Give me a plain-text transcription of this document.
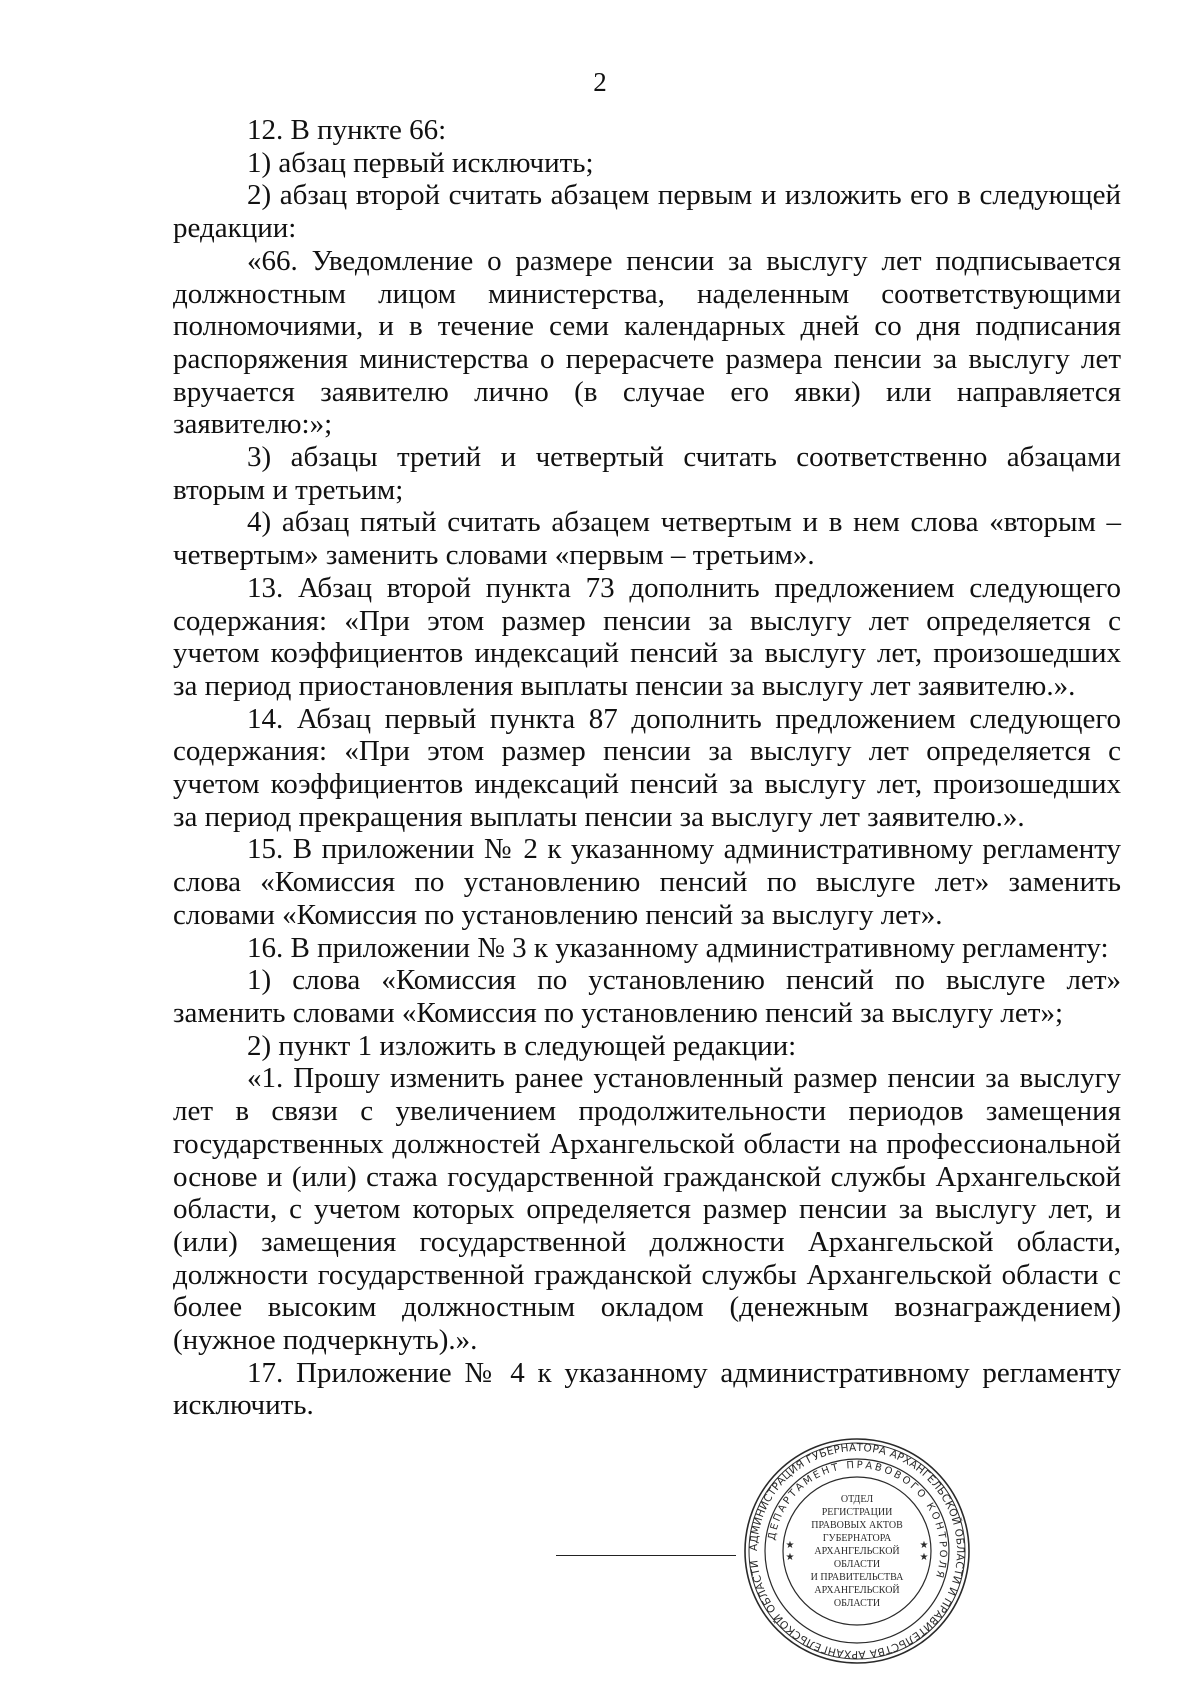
2

12. В пункте 66:

1) абзац первый исключить;

2) абзац второй считать абзацем первым и изложить его в следующей редакции:

«66. Уведомление о размере пенсии за выслугу лет подписывается должностным лицом министерства, наделенным соответствующими полномочиями, и в течение семи календарных дней со дня подписания распоряжения министерства о перерасчете размера пенсии за выслугу лет вручается заявителю лично (в случае его явки) или направляется заявителю:»;

3) абзацы третий и четвертый считать соответственно абзацами вторым и третьим;

4) абзац пятый считать абзацем четвертым и в нем слова «вторым – четвертым» заменить словами «первым – третьим».

13. Абзац второй пункта 73 дополнить предложением следующего содержания: «При этом размер пенсии за выслугу лет определяется с учетом коэффициентов индексаций пенсий за выслугу лет, произошедших за период приостановления выплаты пенсии за выслугу лет заявителю.».

14. Абзац первый пункта 87 дополнить предложением следующего содержания: «При этом размер пенсии за выслугу лет определяется с учетом коэффициентов индексаций пенсий за выслугу лет, произошедших за период прекращения выплаты пенсии за выслугу лет заявителю.».

15. В приложении № 2 к указанному административному регламенту слова «Комиссия по установлению пенсий по выслуге лет» заменить словами «Комиссия по установлению пенсий за выслугу лет».

16. В приложении № 3 к указанному административному регламенту:

1) слова «Комиссия по установлению пенсий по выслуге лет» заменить словами «Комиссия по установлению пенсий за выслугу лет»;

2) пункт 1 изложить в следующей редакции:

«1. Прошу изменить ранее установленный размер пенсии за выслугу лет в связи с увеличением продолжительности периодов замещения государственных должностей Архангельской области на профессиональной основе и (или) стажа государственной гражданской службы Архангельской области, с учетом которых определяется размер пенсии за выслугу лет, и (или) замещения государственной должности Архангельской области, должности государственной гражданской службы Архангельской области с более высоким должностным окладом (денежным вознаграждением) (нужное подчеркнуть).».

17. Приложение № 4 к указанному административному регламенту исключить.

АДМИНИСТРАЦИЯ ГУБЕРНАТОРА АРХАНГЕЛЬСКОЙ ОБЛАСТИ И ПРАВИТЕЛЬСТВА АРХАНГЕЛЬСКОЙ ОБЛАСТИ
ДЕПАРТАМЕНТ ПРАВОВОГО КОНТРОЛЯ
★
★
★
★
ОТДЕЛ
РЕГИСТРАЦИИ
ПРАВОВЫХ АКТОВ
ГУБЕРНАТОРА
АРХАНГЕЛЬСКОЙ
ОБЛАСТИ
И ПРАВИТЕЛЬСТВА
АРХАНГЕЛЬСКОЙ
ОБЛАСТИ
